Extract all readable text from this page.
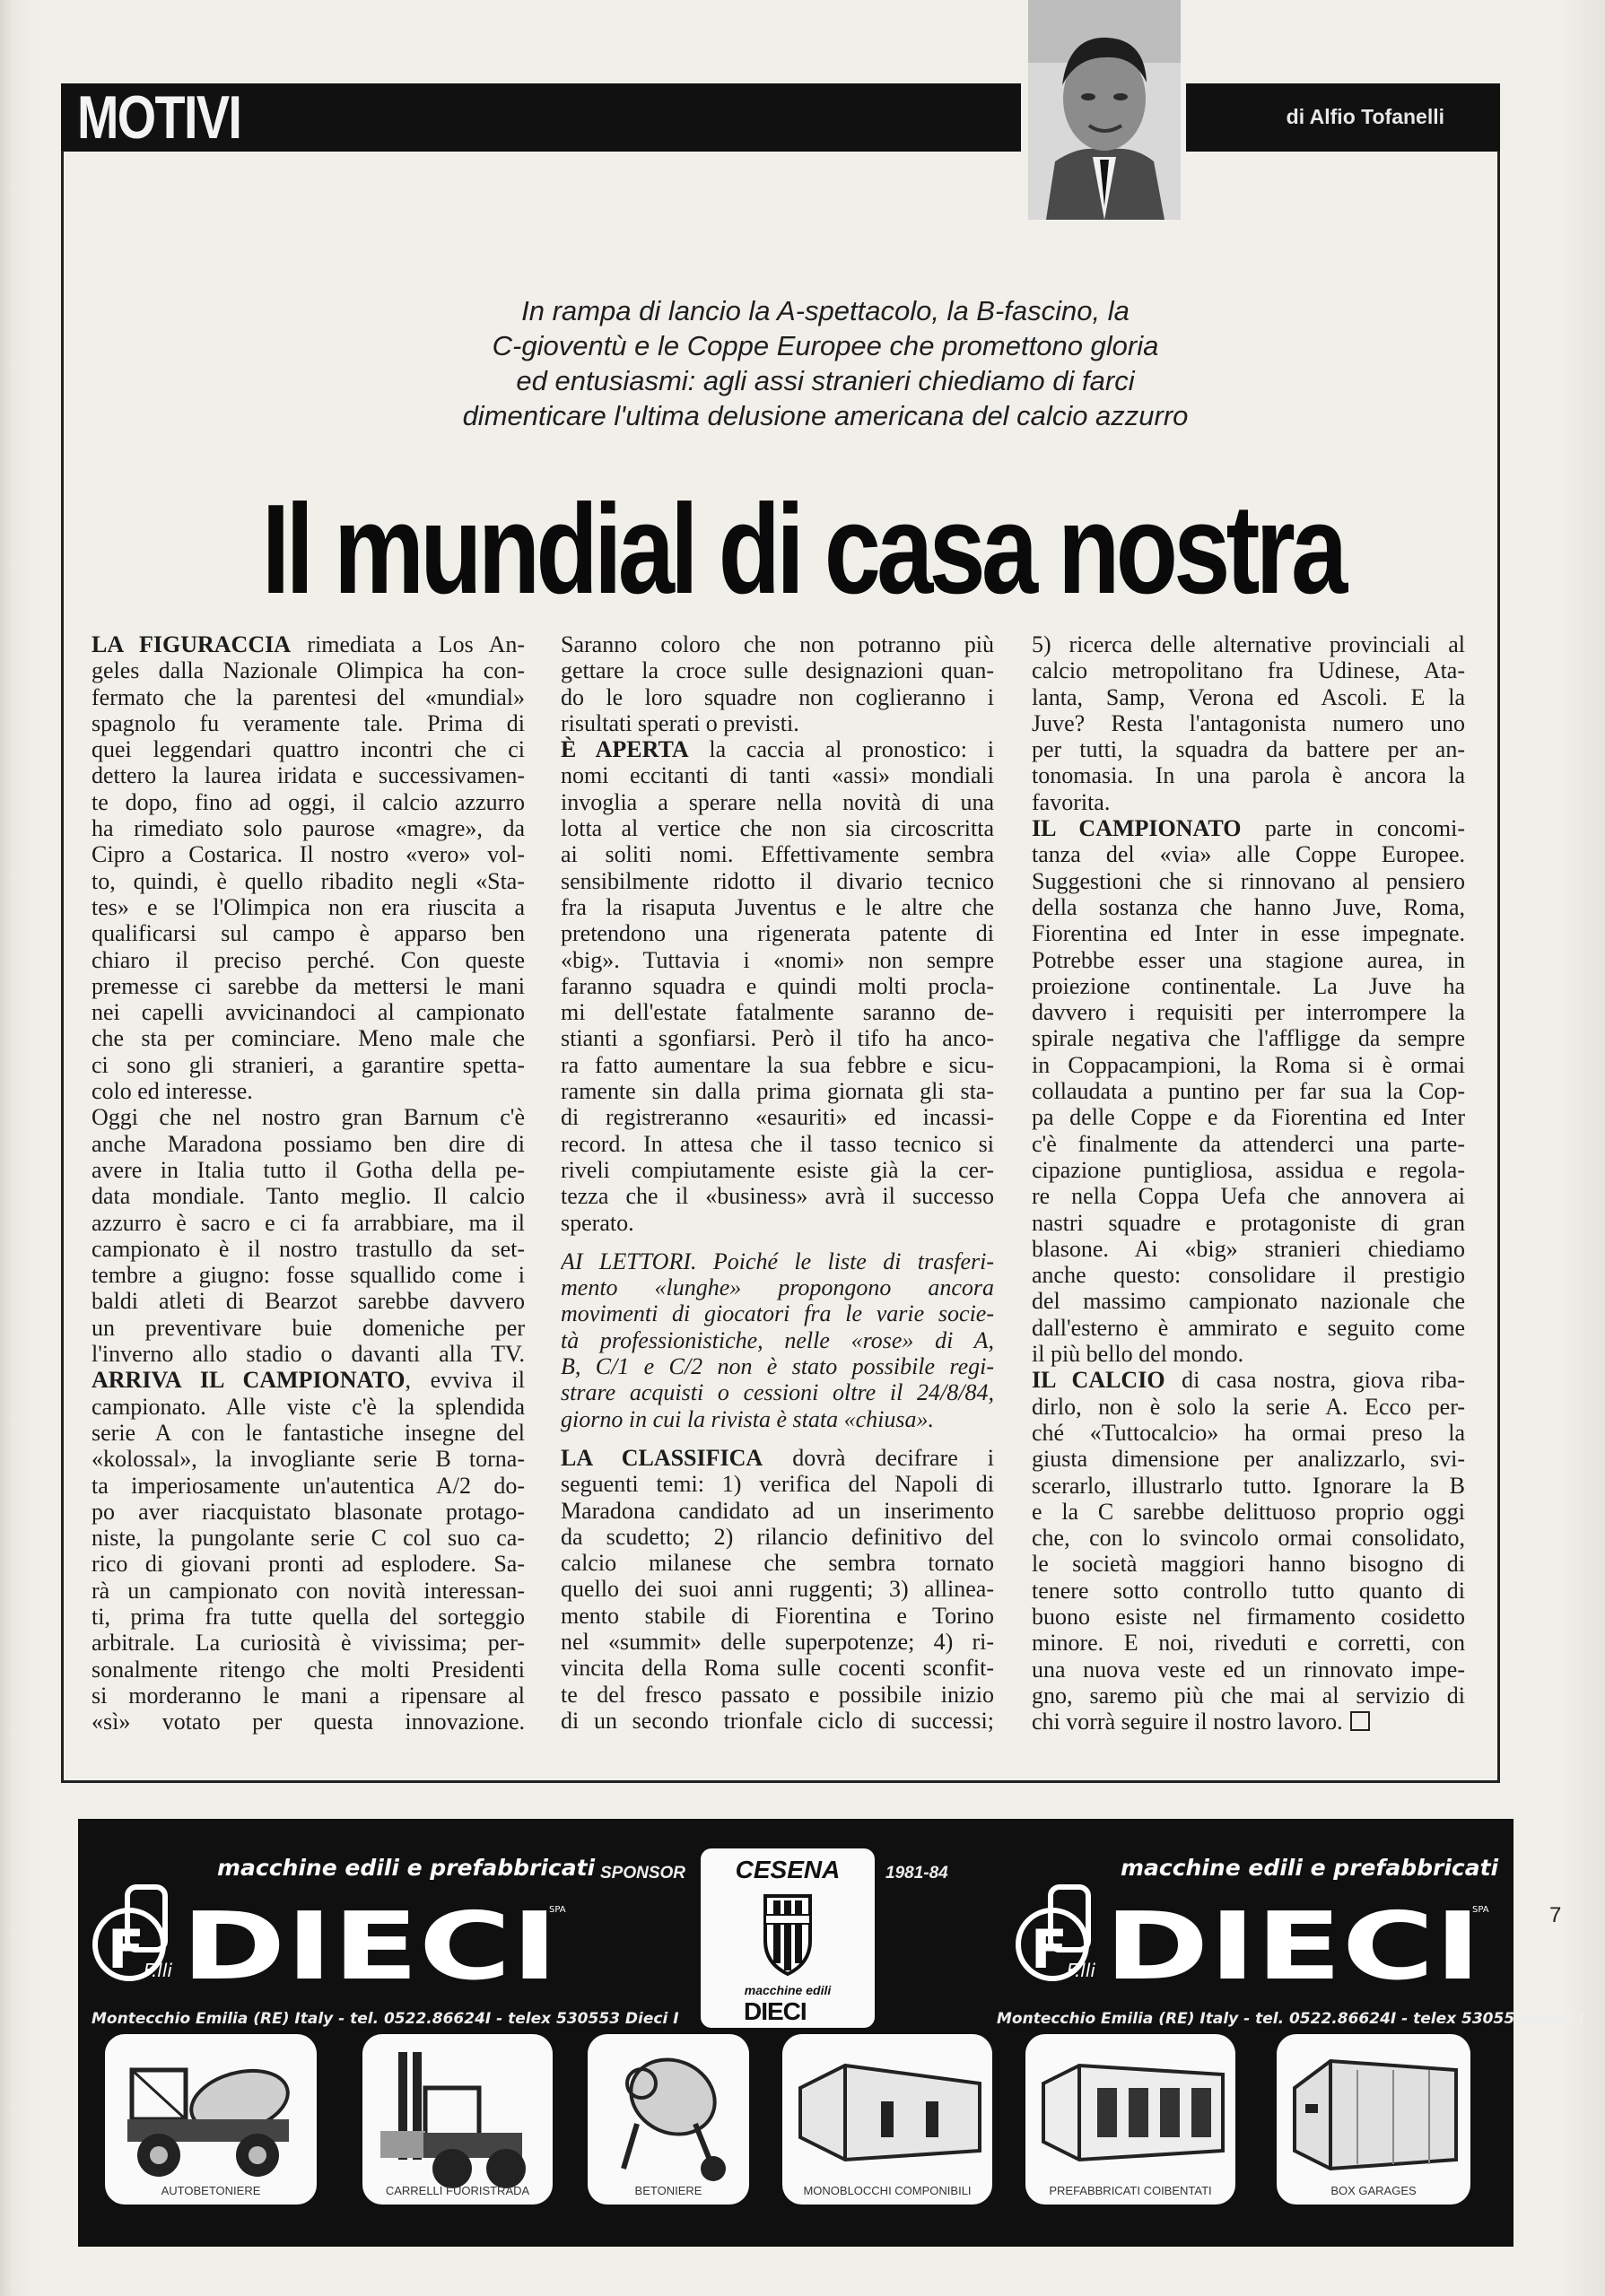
MOTIVI	di Alfio Tofanelli
In rampa di lancio la A-spettacolo, la B-fascino, la
C-gioventù e le Coppe Europee che promettono gloria
ed entusiasmi: agli assi stranieri chiediamo di farci
dimenticare l'ultima delusione americana del calcio azzurro
Il mundial di casa nostra
LA FIGURACCIA rimediata a Los An-
geles dalla Nazionale Olimpica ha con-
fermato che la parentesi del «mundial»
spagnolo fu veramente tale. Prima di
quei leggendari quattro incontri che ci
dettero la laurea iridata e successivamen-
te dopo, fino ad oggi, il calcio azzurro
ha rimediato solo paurose «magre», da
Cipro a Costarica. Il nostro «vero» vol-
to, quindi, è quello ribadito negli «Sta-
tes» e se l'Olimpica non era riuscita a
qualificarsi sul campo è apparso ben
chiaro il preciso perché. Con queste
premesse ci sarebbe da mettersi le mani
nei capelli avvicinandoci al campionato
che sta per cominciare. Meno male che
ci sono gli stranieri, a garantire spetta-
colo ed interesse.
Oggi che nel nostro gran Barnum c'è
anche Maradona possiamo ben dire di
avere in Italia tutto il Gotha della pe-
data mondiale. Tanto meglio. Il calcio
azzurro è sacro e ci fa arrabbiare, ma il
campionato è il nostro trastullo da set-
tembre a giugno: fosse squallido come i
baldi atleti di Bearzot sarebbe davvero
un preventivare buie domeniche per
l'inverno allo stadio o davanti alla TV.
ARRIVA IL CAMPIONATO, evviva il
campionato. Alle viste c'è la splendida
serie A con le fantastiche insegne del
«kolossal», la invogliante serie B torna-
ta imperiosamente un'autentica A/2 do-
po aver riacquistato blasonate protago-
niste, la pungolante serie C col suo ca-
rico di giovani pronti ad esplodere. Sa-
rà un campionato con novità interessan-
ti, prima fra tutte quella del sorteggio
arbitrale. La curiosità è vivissima; per-
sonalmente ritengo che molti Presidenti
si morderanno le mani a ripensare al
«sì» votato per questa innovazione.
Saranno coloro che non potranno più
gettare la croce sulle designazioni quan-
do le loro squadre non coglieranno i
risultati sperati o previsti.
È APERTA la caccia al pronostico: i
nomi eccitanti di tanti «assi» mondiali
invoglia a sperare nella novità di una
lotta al vertice che non sia circoscritta
ai soliti nomi. Effettivamente sembra
sensibilmente ridotto il divario tecnico
fra la risaputa Juventus e le altre che
pretendono una rigenerata patente di
«big». Tuttavia i «nomi» non sempre
faranno squadra e quindi molti procla-
mi dell'estate fatalmente saranno de-
stianti a sgonfiarsi. Però il tifo ha anco-
ra fatto aumentare la sua febbre e sicu-
ramente sin dalla prima giornata gli sta-
di registreranno «esauriti» ed incassi-
record. In attesa che il tasso tecnico si
riveli compiutamente esiste già la cer-
tezza che il «business» avrà il successo
sperato.
AI LETTORI. Poiché le liste di trasferi-
mento «lunghe» propongono ancora
movimenti di giocatori fra le varie socie-
tà professionistiche, nelle «rose» di A,
B, C/1 e C/2 non è stato possibile regi-
strare acquisti o cessioni oltre il 24/8/84,
giorno in cui la rivista è stata «chiusa».
LA CLASSIFICA dovrà decifrare i
seguenti temi: 1) verifica del Napoli di
Maradona candidato ad un inserimento
da scudetto; 2) rilancio definitivo del
calcio milanese che sembra tornato
quello dei suoi anni ruggenti; 3) allinea-
mento stabile di Fiorentina e Torino
nel «summit» delle superpotenze; 4) ri-
vincita della Roma sulle cocenti sconfit-
te del fresco passato e possibile inizio
di un secondo trionfale ciclo di successi;
5) ricerca delle alternative provinciali al
calcio metropolitano fra Udinese, Ata-
lanta, Samp, Verona ed Ascoli. E la
Juve? Resta l'antagonista numero uno
per tutti, la squadra da battere per an-
tonomasia. In una parola è ancora la
favorita.
IL CAMPIONATO parte in concomi-
tanza del «via» alle Coppe Europee.
Suggestioni che si rinnovano al pensiero
della sostanza che hanno Juve, Roma,
Fiorentina ed Inter in esse impegnate.
Potrebbe esser una stagione aurea, in
proiezione continentale. La Juve ha
davvero i requisiti per interrompere la
spirale negativa che l'affligge da sempre
in Coppacampioni, la Roma si è ormai
collaudata a puntino per far sua la Cop-
pa delle Coppe e da Fiorentina ed Inter
c'è finalmente da attenderci una parte-
cipazione puntigliosa, assidua e regola-
re nella Coppa Uefa che annovera ai
nastri squadre e protagoniste di gran
blasone. Ai «big» stranieri chiediamo
anche questo: consolidare il prestigio
del massimo campionato nazionale che
dall'esterno è ammirato e seguito come
il più bello del mondo.
IL CALCIO di casa nostra, giova riba-
dirlo, non è solo la serie A. Ecco per-
ché «Tuttocalcio» ha ormai preso la
giusta dimensione per analizzarlo, svi-
scerarlo, illustrarlo tutto. Ignorare la B
e la C sarebbe delittuoso proprio oggi
che, con lo svincolo ormai consolidato,
le società maggiori hanno bisogno di
tenere sotto controllo tutto quanto di
buono esiste nel firmamento cosidetto
minore. E noi, riveduti e corretti, con
una nuova veste ed un rinnovato impe-
gno, saremo più che mai al servizio di
chi vorrà seguire il nostro lavoro.
7
macchine edili e prefabbricati	macchine edili e prefabbricati
F F.lli DIECI
SPA
F F.lli DIECI
SPA
Montecchio Emilia (RE) Italy - tel. 0522.86624I - telex 530553 Dieci I	Montecchio Emilia (RE) Italy - tel. 0522.86624I - telex 530553 Dieci I
SPONSOR	1981-84
CESENA
macchine edili
DIECI
AUTOBETONIERE	CARRELLI FUORISTRADA	BETONIERE	MONOBLOCCHI COMPONIBILI	PREFABBRICATI COIBENTATI	BOX GARAGES
